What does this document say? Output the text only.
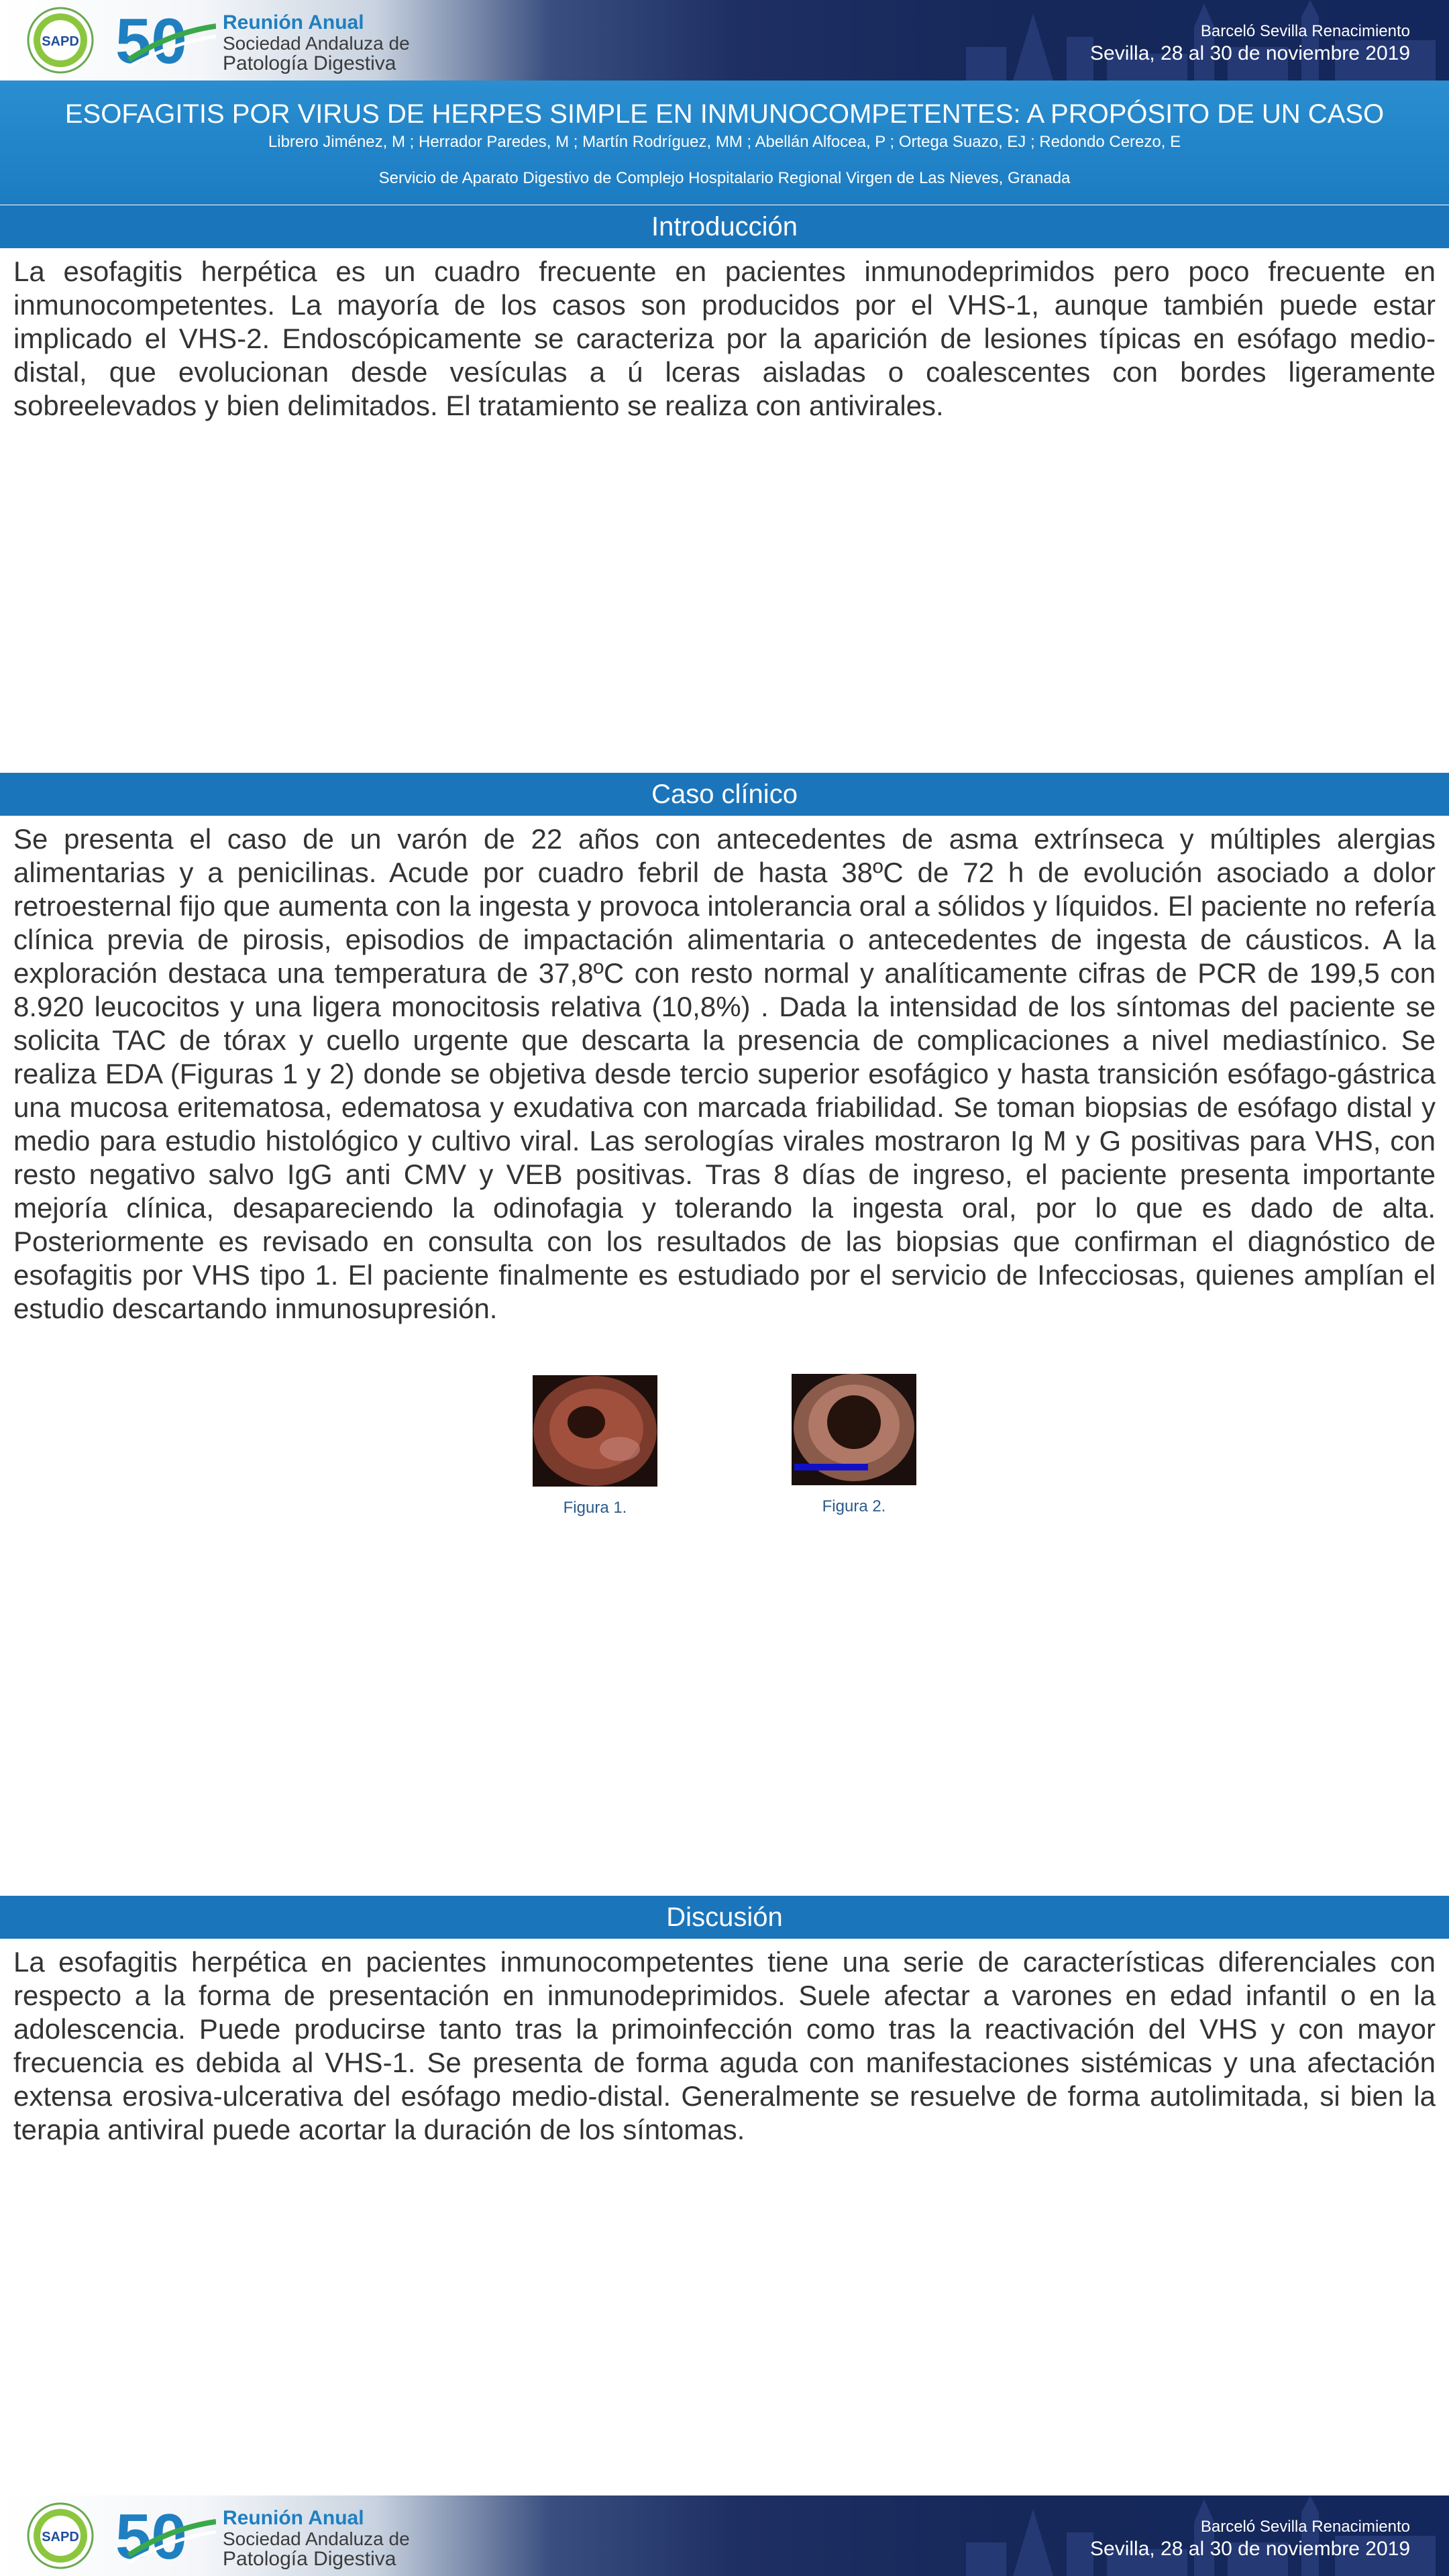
SAPD 50 Reunión Anual
Sociedad Andaluza de
Patología Digestiva
Barceló Sevilla Renacimiento
Sevilla, 28 al 30 de noviembre 2019
ESOFAGITIS POR VIRUS DE HERPES SIMPLE EN INMUNOCOMPETENTES: A PROPÓSITO DE UN CASO
Librero Jiménez, M ; Herrador Paredes, M ; Martín Rodríguez, MM ; Abellán Alfocea, P ; Ortega Suazo, EJ ; Redondo Cerezo, E
Servicio de Aparato Digestivo de Complejo Hospitalario Regional Virgen de Las Nieves, Granada
Introducción
La esofagitis herpética es un cuadro frecuente en pacientes inmunodeprimidos pero poco frecuente en inmunocompetentes. La mayoría de los casos son producidos por el VHS-1, aunque también puede estar implicado el VHS-2. Endoscópicamente se caracteriza por la aparición de lesiones típicas en esófago medio-distal, que evolucionan desde vesículas a ú lceras aisladas o coalescentes con bordes ligeramente sobreelevados y bien delimitados. El tratamiento se realiza con antivirales.
Caso clínico
Se presenta el caso de un varón de 22 años con antecedentes de asma extrínseca y múltiples alergias alimentarias y a penicilinas. Acude por cuadro febril de hasta 38ºC de 72 h de evolución asociado a dolor retroesternal fijo que aumenta con la ingesta y provoca intolerancia oral a sólidos y líquidos. El paciente no refería clínica previa de pirosis, episodios de impactación alimentaria o antecedentes de ingesta de cáusticos. A la exploración destaca una temperatura de 37,8ºC con resto normal y analíticamente cifras de PCR de 199,5 con 8.920 leucocitos y una ligera monocitosis relativa (10,8%) . Dada la intensidad de los síntomas del paciente se solicita TAC de tórax y cuello urgente que descarta la presencia de complicaciones a nivel mediastínico. Se realiza EDA (Figuras 1 y 2) donde se objetiva desde tercio superior esofágico y hasta transición esófago-gástrica una mucosa eritematosa, edematosa y exudativa con marcada friabilidad. Se toman biopsias de esófago distal y medio para estudio histológico y cultivo viral. Las serologías virales mostraron Ig M y G positivas para VHS, con resto negativo salvo IgG anti CMV y VEB positivas. Tras 8 días de ingreso, el paciente presenta importante mejoría clínica, desapareciendo la odinofagia y tolerando la ingesta oral, por lo que es dado de alta. Posteriormente es revisado en consulta con los resultados de las biopsias que confirman el diagnóstico de esofagitis por VHS tipo 1. El paciente finalmente es estudiado por el servicio de Infecciosas, quienes amplían el estudio descartando inmunosupresión.
Figura 1.	Figura 2.
Discusión
La esofagitis herpética en pacientes inmunocompetentes tiene una serie de características diferenciales con respecto a la forma de presentación en inmunodeprimidos. Suele afectar a varones en edad infantil o en la adolescencia. Puede producirse tanto tras la primoinfección como tras la reactivación del VHS y con mayor frecuencia es debida al VHS-1. Se presenta de forma aguda con manifestaciones sistémicas y una afectación extensa erosiva-ulcerativa del esófago medio-distal. Generalmente se resuelve de forma autolimitada, si bien la terapia antiviral puede acortar la duración de los síntomas.
SAPD 50 Reunión Anual
Sociedad Andaluza de
Patología Digestiva
Barceló Sevilla Renacimiento
Sevilla, 28 al 30 de noviembre 2019
